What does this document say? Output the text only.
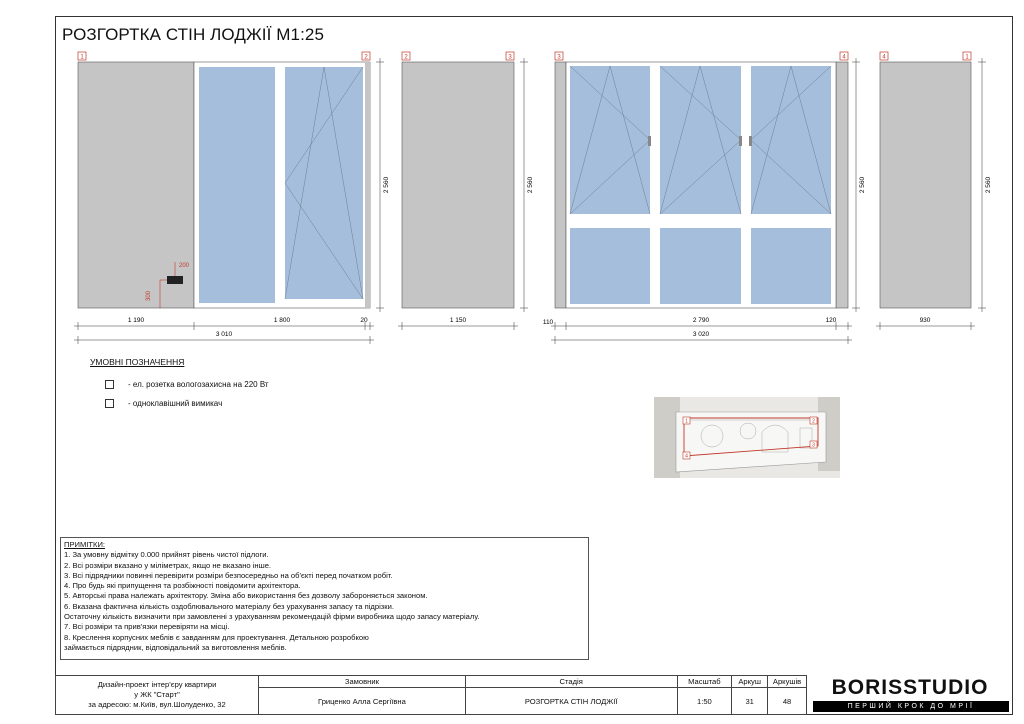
РОЗГОРТКА СТІН ЛОДЖІЇ М1:25
200
300
1	2
1 190	1 800	20
3 010
2 560
2	3
1 150
2 560
3	4
110	2 790	120
3 020
2 560
4	1
930
2 560
1	2
3
4
УМОВНІ ПОЗНАЧЕННЯ
- ел. розетка вологозахисна на 220 Вт
- одноклавішний вимикач
ПРИМІТКИ:
1. За умовну відмітку 0.000 прийнят рівень чистої підлоги.
2. Всі розміри вказано у міліметрах, якщо не вказано інше.
3. Всі підрядники повинні перевірити розміри безпосередньо на об'єкті перед початком робіт.
4. Про будь які припущення та розбіжності повідомити архітектора.
5. Авторські права належать архітектору. Зміна або використання без дозволу забороняється законом.
6. Вказана фактична кількість оздоблювального матеріалу без урахування запасу та підрізки.
Остаточну кількість визначити при замовленні з урахуванням рекомендацій фірми виробника щодо запасу матеріалу.
7. Всі розміри та прив'язки перевіряти на місці.
8. Креслення корпусних меблів є завданням для проектування. Детальною розробкою
займається підрядник, відповідальний за виготовлення меблів.
Дизайн-проект інтер'єру квартири
у ЖК "Старт"
за адресою: м.Київ, вул.Шолуденко, 32	Замовник	Стадія	Масштаб	Аркуш	Аркушів
	Гриценко Алла Сергіївна	РОЗГОРТКА СТІН ЛОДЖІЇ	1:50	31	48
BORISSTUDIO
ПЕРШИЙ КРОК ДО МРІЇ
